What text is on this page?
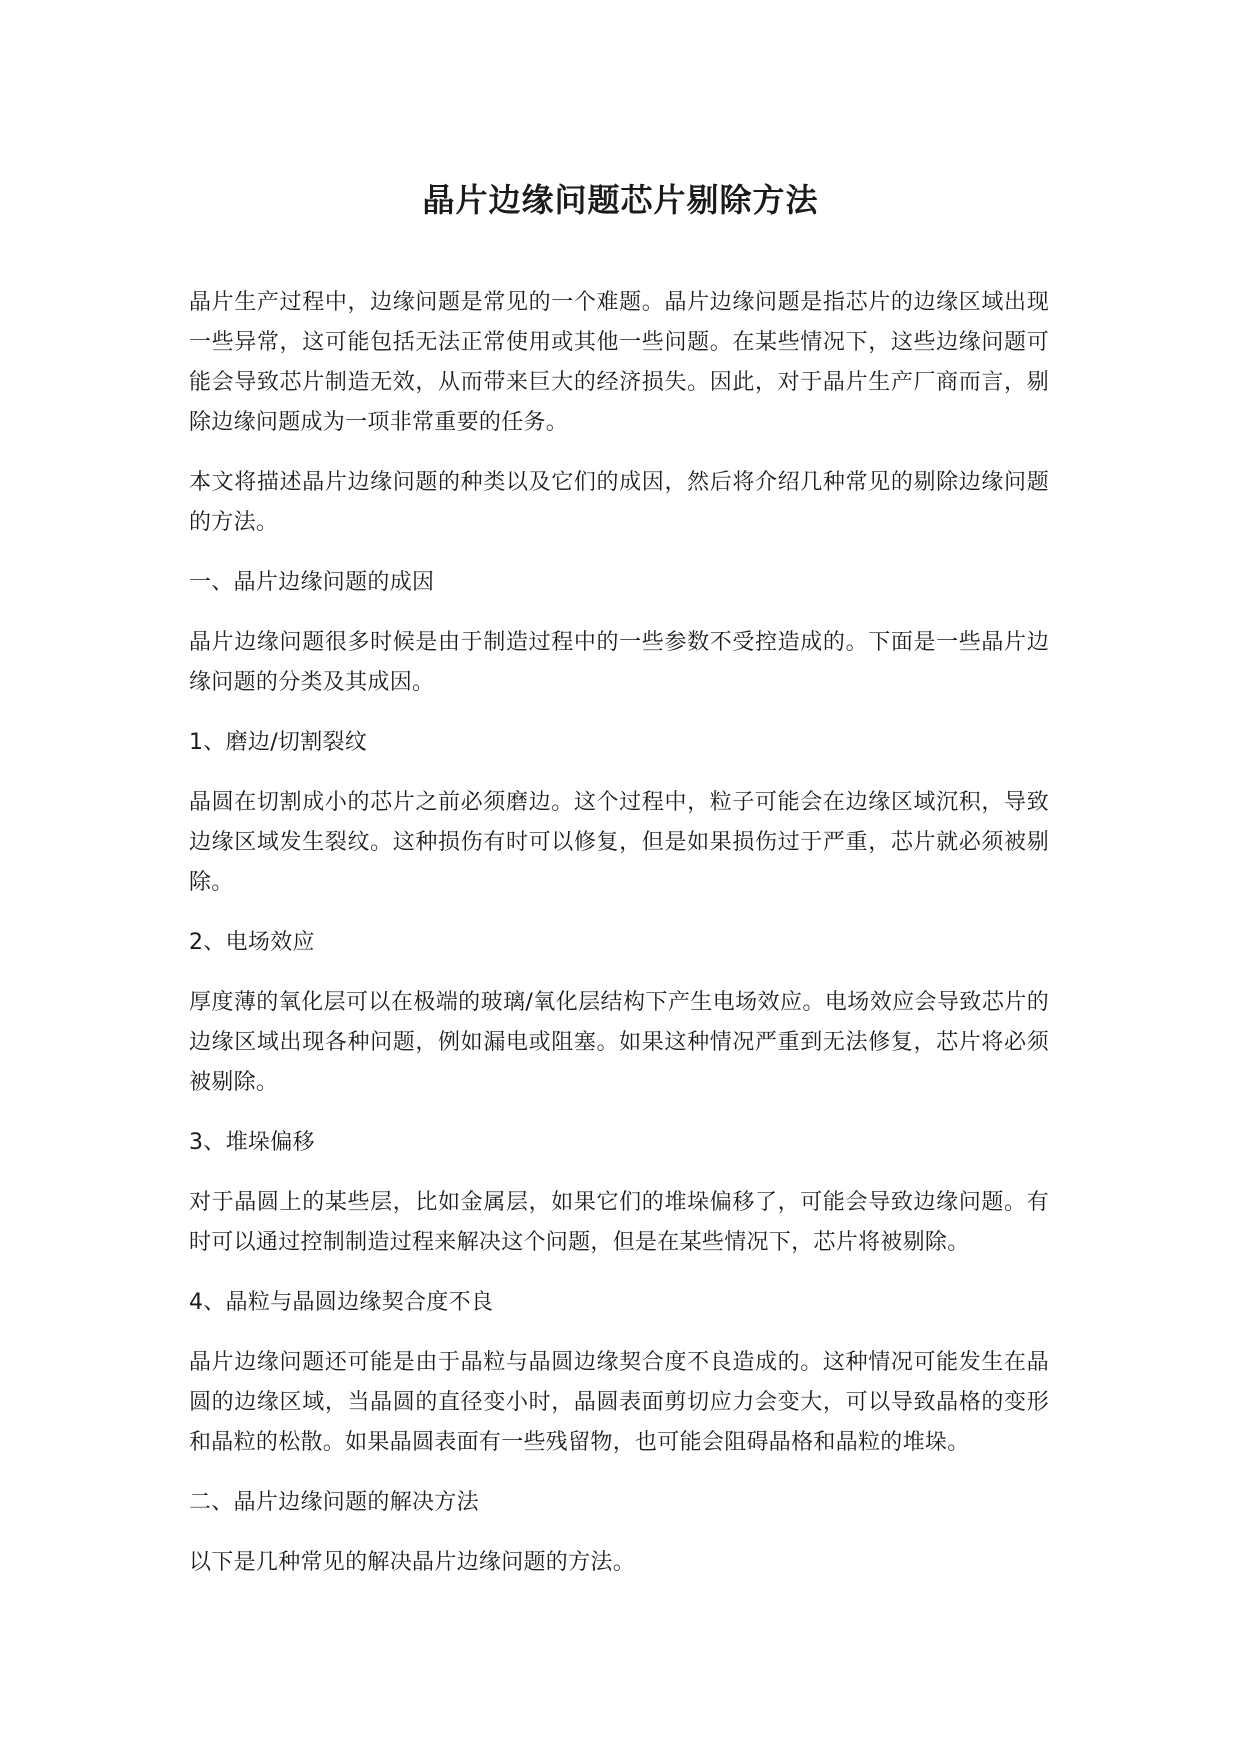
晶片边缘问题芯片剔除方法

晶片生产过程中，边缘问题是常见的一个难题。晶片边缘问题是指芯片的边缘区域出现一些异常，这可能包括无法正常使用或其他一些问题。在某些情况下，这些边缘问题可能会导致芯片制造无效，从而带来巨大的经济损失。因此，对于晶片生产厂商而言，剔除边缘问题成为一项非常重要的任务。

本文将描述晶片边缘问题的种类以及它们的成因，然后将介绍几种常见的剔除边缘问题的方法。

一、晶片边缘问题的成因

晶片边缘问题很多时候是由于制造过程中的一些参数不受控造成的。下面是一些晶片边缘问题的分类及其成因。

1、磨边/切割裂纹

晶圆在切割成小的芯片之前必须磨边。这个过程中，粒子可能会在边缘区域沉积，导致边缘区域发生裂纹。这种损伤有时可以修复，但是如果损伤过于严重，芯片就必须被剔除。

2、电场效应

厚度薄的氧化层可以在极端的玻璃/氧化层结构下产生电场效应。电场效应会导致芯片的边缘区域出现各种问题，例如漏电或阻塞。如果这种情况严重到无法修复，芯片将必须被剔除。

3、堆垛偏移

对于晶圆上的某些层，比如金属层，如果它们的堆垛偏移了，可能会导致边缘问题。有时可以通过控制制造过程来解决这个问题，但是在某些情况下，芯片将被剔除。

4、晶粒与晶圆边缘契合度不良

晶片边缘问题还可能是由于晶粒与晶圆边缘契合度不良造成的。这种情况可能发生在晶圆的边缘区域，当晶圆的直径变小时，晶圆表面剪切应力会变大，可以导致晶格的变形和晶粒的松散。如果晶圆表面有一些残留物，也可能会阻碍晶格和晶粒的堆垛。

二、晶片边缘问题的解决方法

以下是几种常见的解决晶片边缘问题的方法。
